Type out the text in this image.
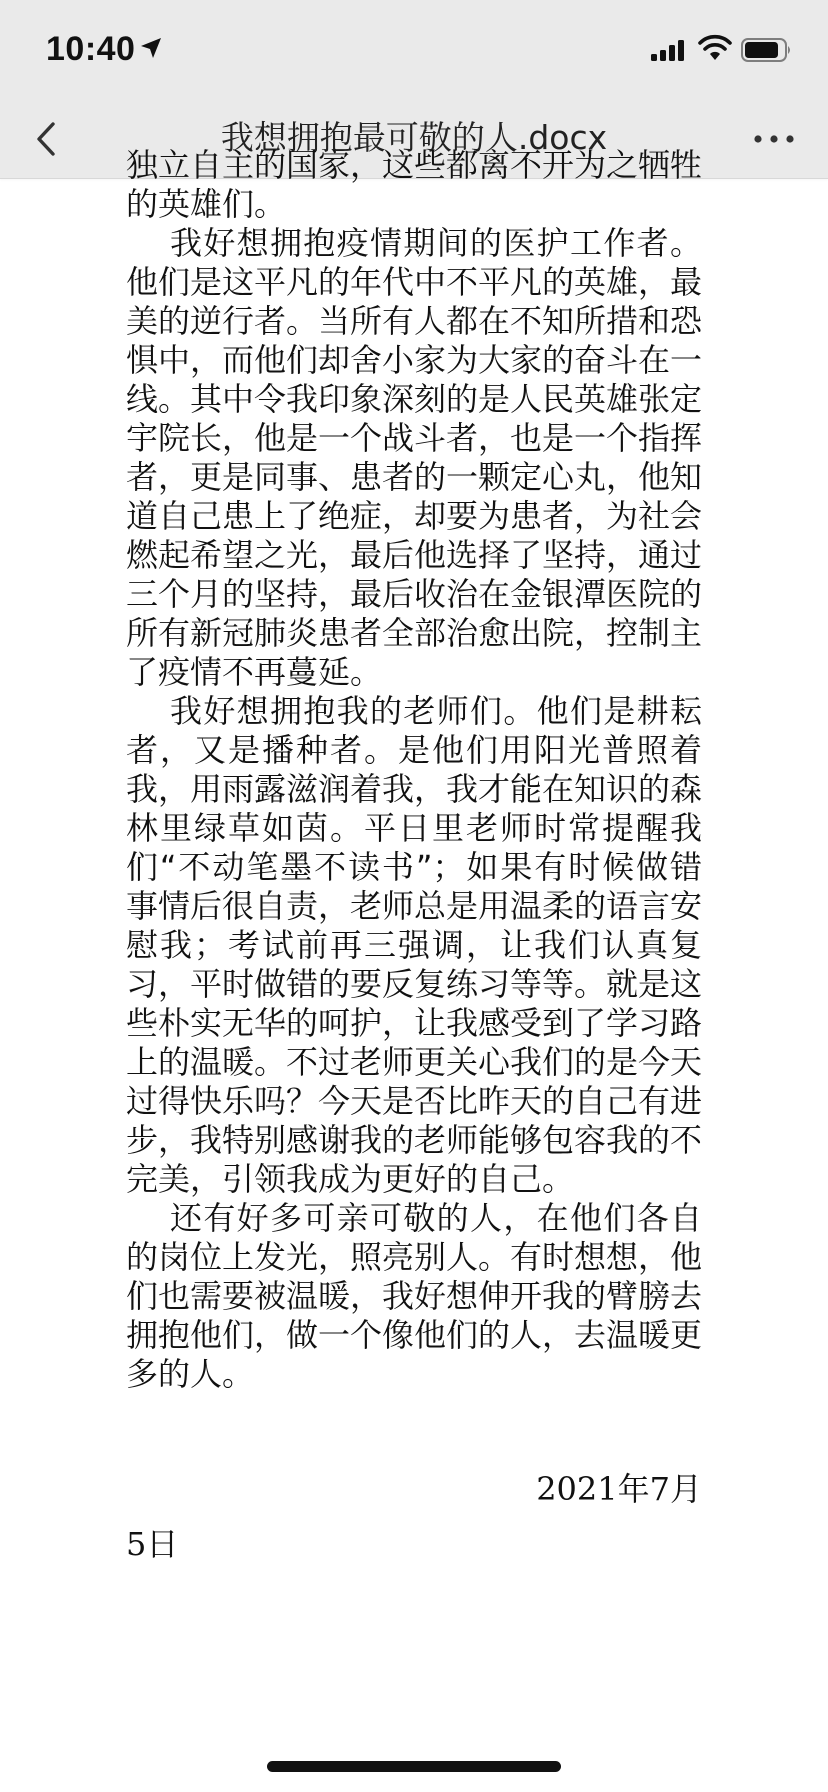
10:40
我想拥抱最可敬的人.docx

独立自主的国家，这些都离不开为之牺牲的英雄们。

我好想拥抱疫情期间的医护工作者。他们是这平凡的年代中不平凡的英雄，最美的逆行者。当所有人都在不知所措和恐惧中，而他们却舍小家为大家的奋斗在一线。其中令我印象深刻的是人民英雄张定宇院长，他是一个战斗者，也是一个指挥者，更是同事、患者的一颗定心丸，他知道自己患上了绝症，却要为患者，为社会燃起希望之光，最后他选择了坚持，通过三个月的坚持，最后收治在金银潭医院的所有新冠肺炎患者全部治愈出院，控制主了疫情不再蔓延。

我好想拥抱我的老师们。他们是耕耘者，又是播种者。是他们用阳光普照着我，用雨露滋润着我，我才能在知识的森林里绿草如茵。平日里老师时常提醒我们“不动笔墨不读书”；如果有时候做错事情后很自责，老师总是用温柔的语言安慰我；考试前再三强调，让我们认真复习，平时做错的要反复练习等等。就是这些朴实无华的呵护，让我感受到了学习路上的温暖。不过老师更关心我们的是今天过得快乐吗？今天是否比昨天的自己有进步，我特别感谢我的老师能够包容我的不完美，引领我成为更好的自己。

还有好多可亲可敬的人，在他们各自的岗位上发光，照亮别人。有时想想，他们也需要被温暖，我好想伸开我的臂膀去拥抱他们，做一个像他们的人，去温暖更多的人。

2021年7月
5日
